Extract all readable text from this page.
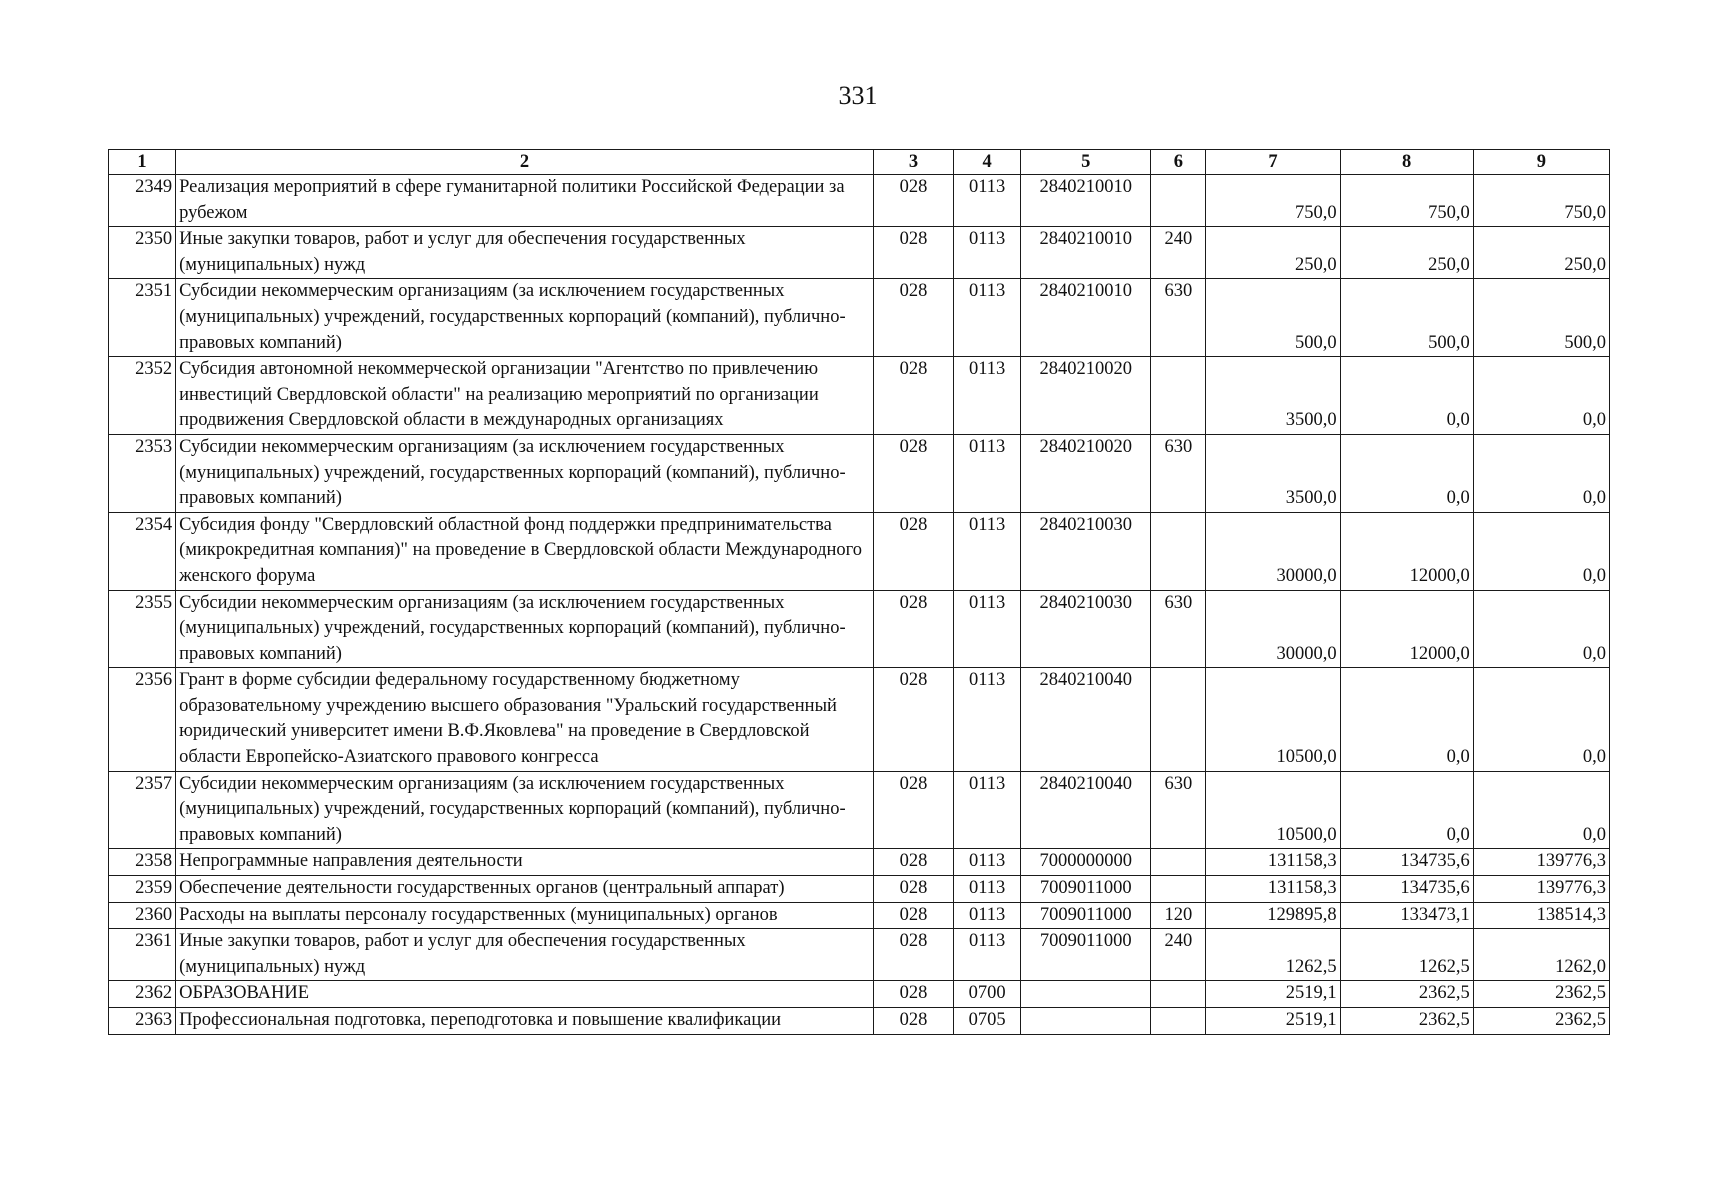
331
1	2	3	4	5	6	7	8	9
2349	Реализация мероприятий в сфере гуманитарной политики Российской Федерации за рубежом	028	0113	2840210010		750,0	750,0	750,0
2350	Иные закупки товаров, работ и услуг для обеспечения государственных (муниципальных) нужд	028	0113	2840210010	240	250,0	250,0	250,0
2351	Субсидии некоммерческим организациям (за исключением государственных (муниципальных) учреждений, государственных корпораций (компаний), публично-правовых компаний)	028	0113	2840210010	630	500,0	500,0	500,0
2352	Субсидия автономной некоммерческой организации "Агентство по привлечению инвестиций Свердловской области" на реализацию мероприятий по организации продвижения Свердловской области в международных организациях	028	0113	2840210020		3500,0	0,0	0,0
2353	Субсидии некоммерческим организациям (за исключением государственных (муниципальных) учреждений, государственных корпораций (компаний), публично-правовых компаний)	028	0113	2840210020	630	3500,0	0,0	0,0
2354	Субсидия фонду "Свердловский областной фонд поддержки предпринимательства (микрокредитная компания)" на проведение в Свердловской области Международного женского форума	028	0113	2840210030		30000,0	12000,0	0,0
2355	Субсидии некоммерческим организациям (за исключением государственных (муниципальных) учреждений, государственных корпораций (компаний), публично-правовых компаний)	028	0113	2840210030	630	30000,0	12000,0	0,0
2356	Грант в форме субсидии федеральному государственному бюджетному образовательному учреждению высшего образования "Уральский государственный юридический университет имени В.Ф.Яковлева" на проведение в Свердловской области Европейско-Азиатского правового конгресса	028	0113	2840210040		10500,0	0,0	0,0
2357	Субсидии некоммерческим организациям (за исключением государственных (муниципальных) учреждений, государственных корпораций (компаний), публично-правовых компаний)	028	0113	2840210040	630	10500,0	0,0	0,0
2358	Непрограммные направления деятельности	028	0113	7000000000		131158,3	134735,6	139776,3
2359	Обеспечение деятельности государственных органов (центральный аппарат)	028	0113	7009011000		131158,3	134735,6	139776,3
2360	Расходы на выплаты персоналу государственных (муниципальных) органов	028	0113	7009011000	120	129895,8	133473,1	138514,3
2361	Иные закупки товаров, работ и услуг для обеспечения государственных (муниципальных) нужд	028	0113	7009011000	240	1262,5	1262,5	1262,0
2362	ОБРАЗОВАНИЕ	028	0700			2519,1	2362,5	2362,5
2363	Профессиональная подготовка, переподготовка и повышение квалификации	028	0705			2519,1	2362,5	2362,5
